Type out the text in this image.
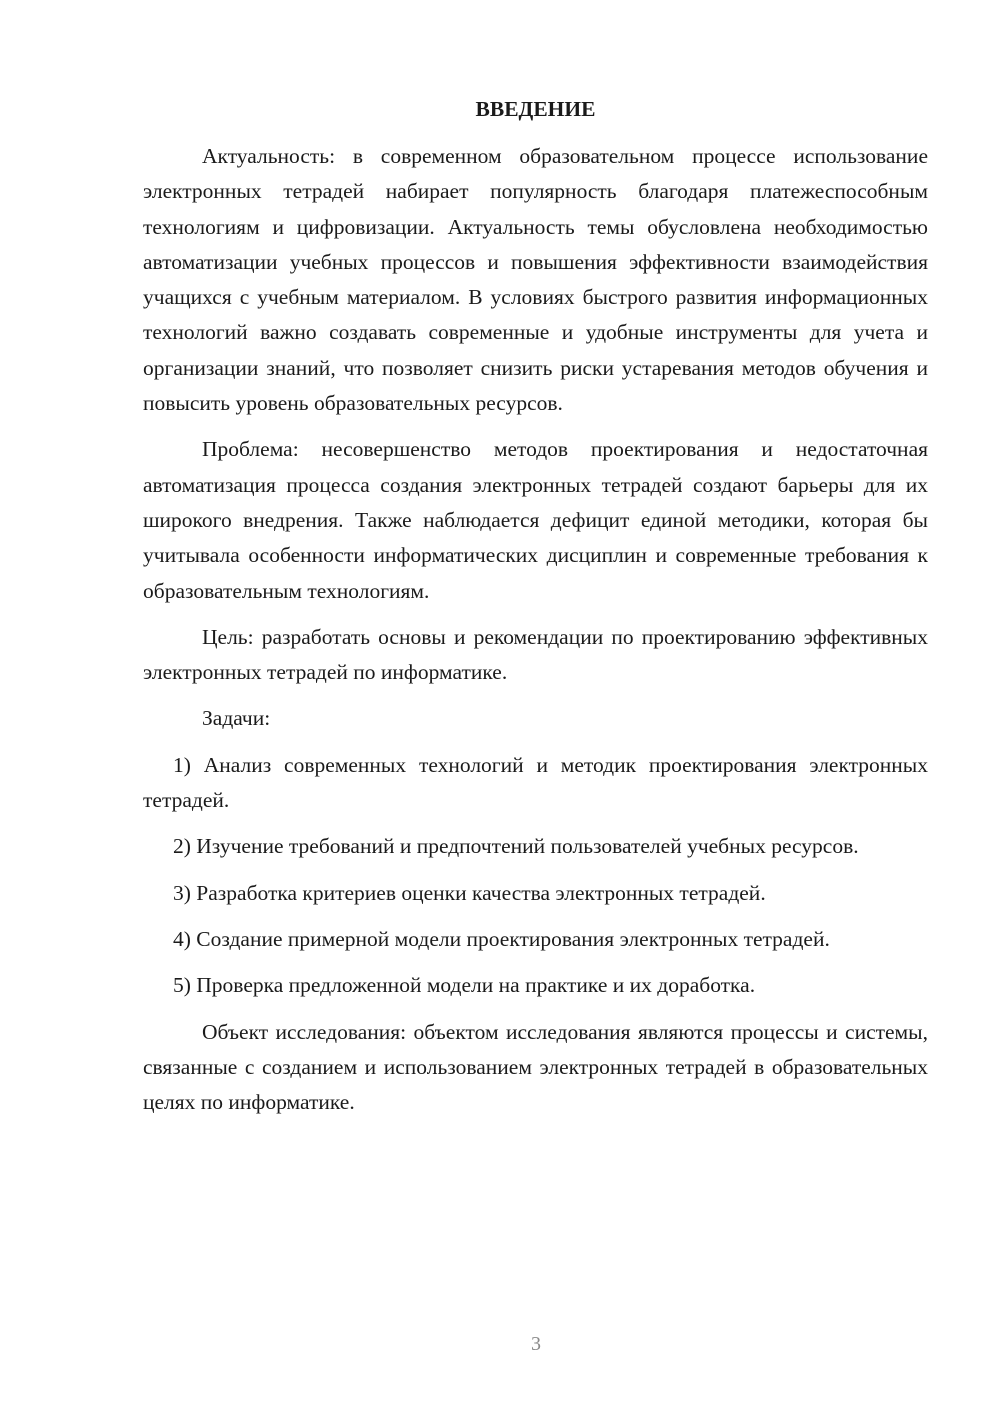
ВВЕДЕНИЕ

Актуальность: в современном образовательном процессе использование электронных тетрадей набирает популярность благодаря платежеспособным технологиям и цифровизации. Актуальность темы обусловлена необходимостью автоматизации учебных процессов и повышения эффективности взаимодействия учащихся с учебным материалом. В условиях быстрого развития информационных технологий важно создавать современные и удобные инструменты для учета и организации знаний, что позволяет снизить риски устаревания методов обучения и повысить уровень образовательных ресурсов.

Проблема: несовершенство методов проектирования и недостаточная автоматизация процесса создания электронных тетрадей создают барьеры для их широкого внедрения. Также наблюдается дефицит единой методики, которая бы учитывала особенности информатических дисциплин и современные требования к образовательным технологиям.

Цель: разработать основы и рекомендации по проектированию эффективных электронных тетрадей по информатике.

Задачи:

1) Анализ современных технологий и методик проектирования электронных тетрадей.

2) Изучение требований и предпочтений пользователей учебных ресурсов.

3) Разработка критериев оценки качества электронных тетрадей.

4) Создание примерной модели проектирования электронных тетрадей.

5) Проверка предложенной модели на практике и их доработка.

Объект исследования: объектом исследования являются процессы и системы, связанные с созданием и использованием электронных тетрадей в образовательных целях по информатике.

3
